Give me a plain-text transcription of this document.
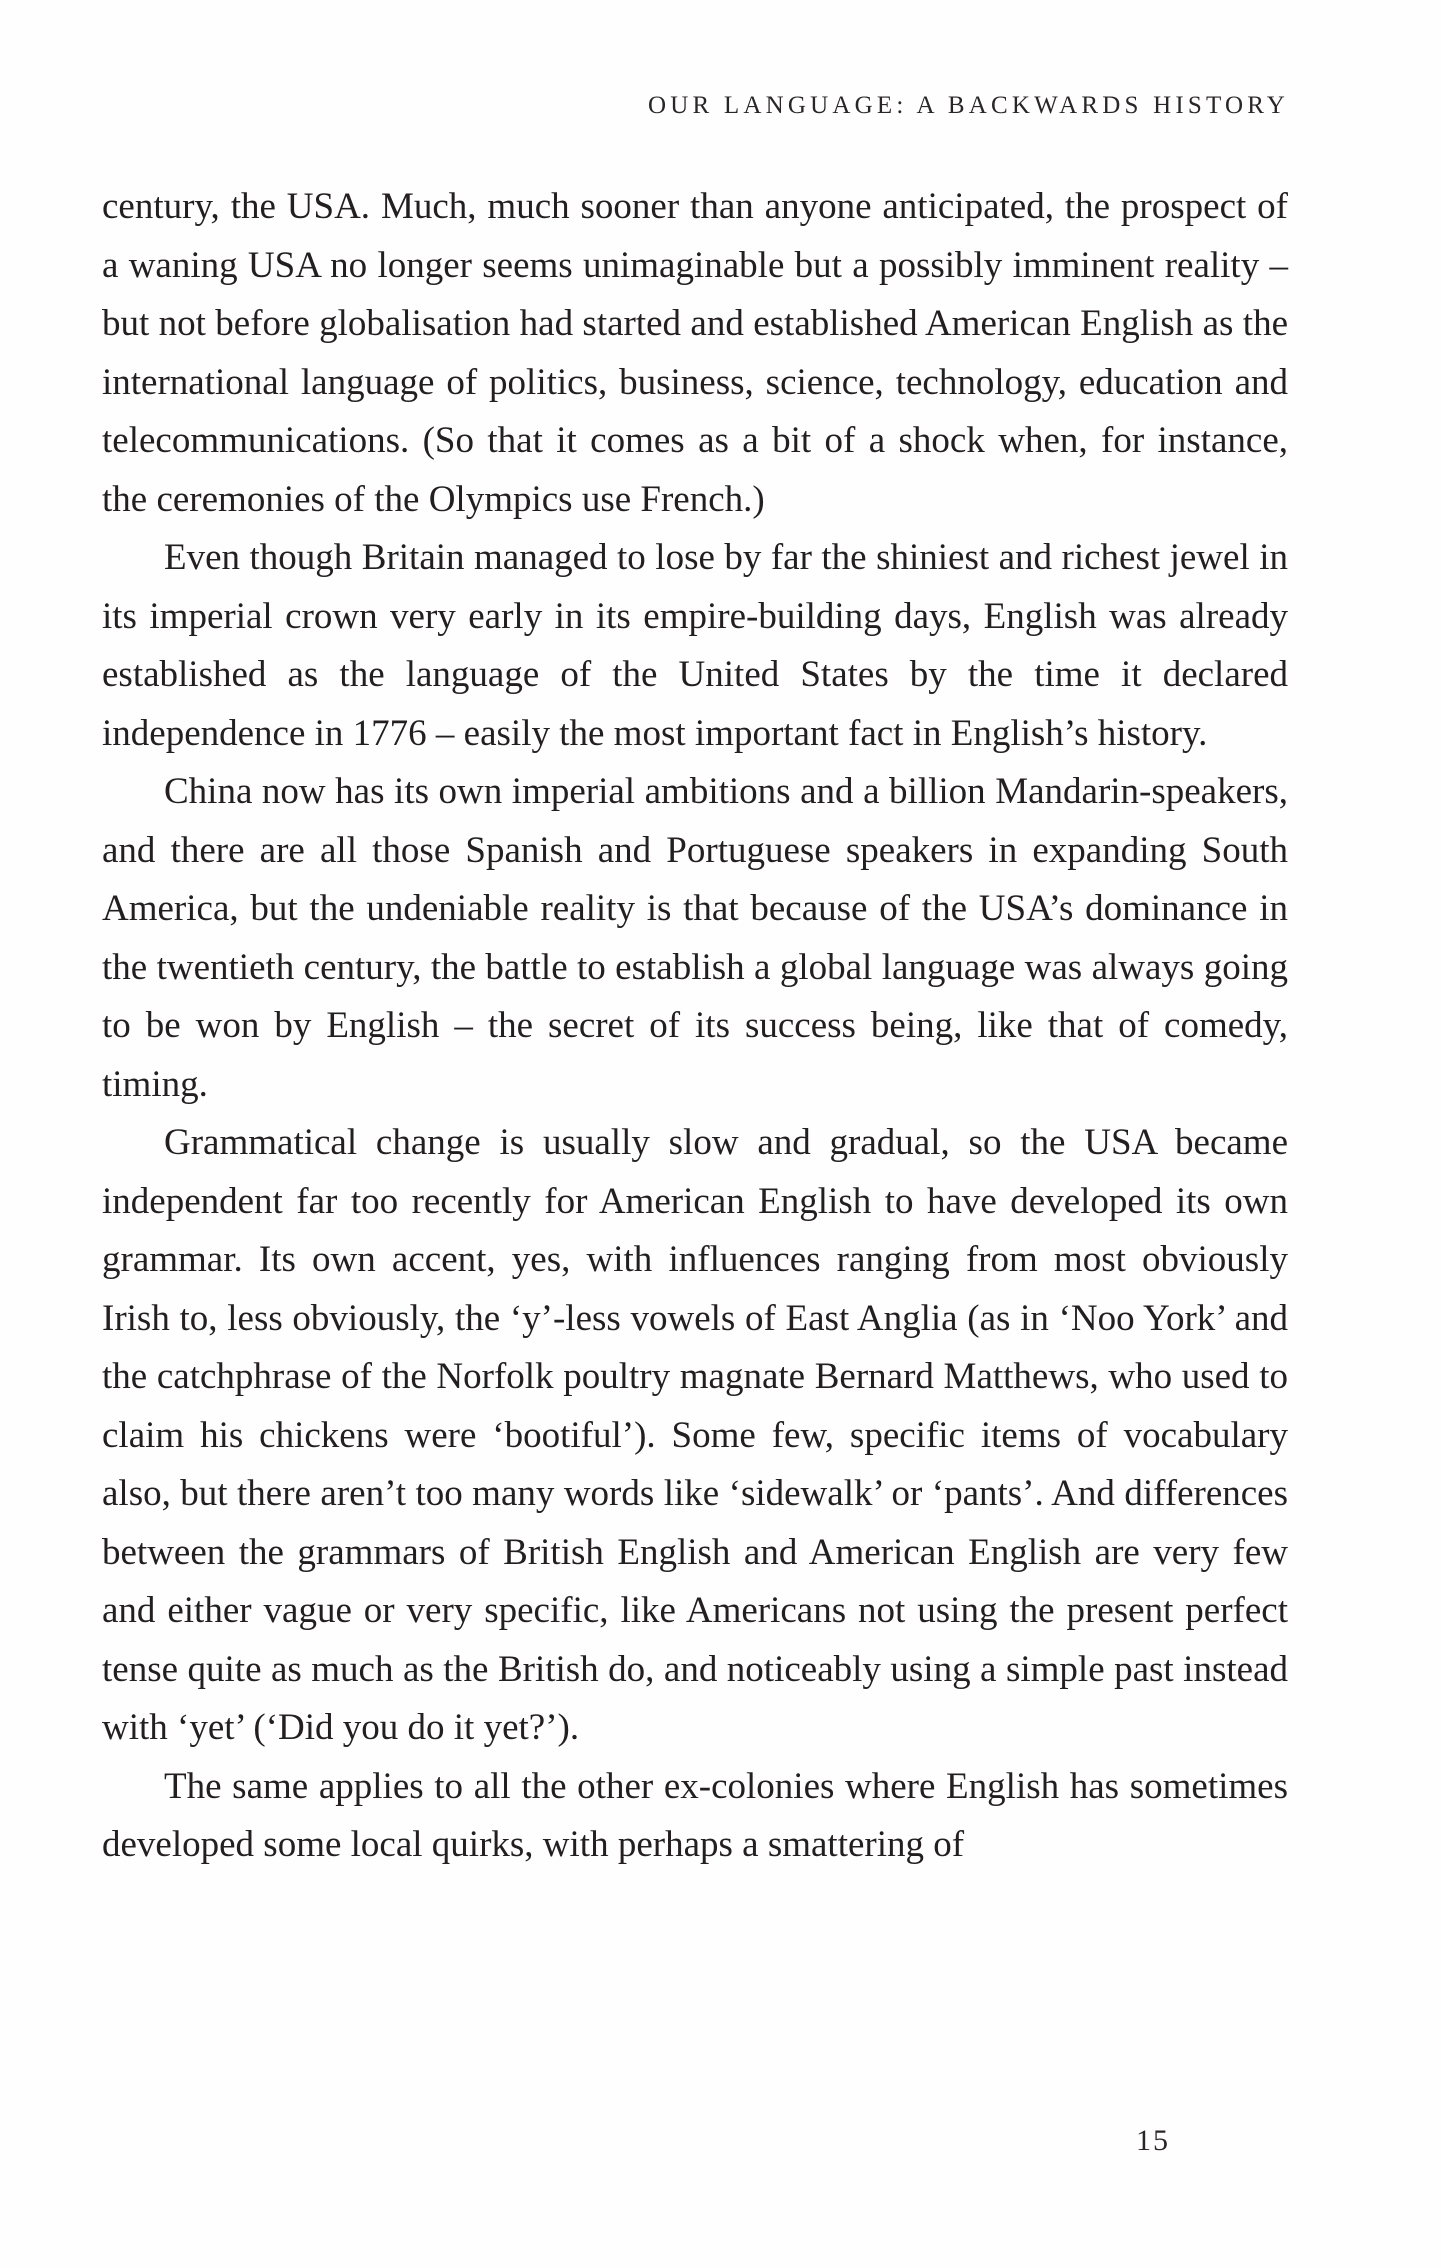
OUR LANGUAGE: A BACKWARDS HISTORY

century, the USA. Much, much sooner than anyone anticipated, the prospect of a waning USA no longer seems unimaginable but a possibly imminent reality – but not before globalisation had started and established American English as the international language of politics, business, science, technology, education and telecommunications. (So that it comes as a bit of a shock when, for instance, the ceremonies of the Olympics use French.)

Even though Britain managed to lose by far the shiniest and richest jewel in its imperial crown very early in its empire-building days, English was already established as the language of the United States by the time it declared independence in 1776 – easily the most important fact in English’s history.

China now has its own imperial ambitions and a billion Mandarin-speakers, and there are all those Spanish and Portuguese speakers in expanding South America, but the undeniable reality is that because of the USA’s dominance in the twentieth century, the battle to establish a global language was always going to be won by English – the secret of its success being, like that of comedy, timing.

Grammatical change is usually slow and gradual, so the USA became independent far too recently for American English to have developed its own grammar. Its own accent, yes, with influences ranging from most obviously Irish to, less obviously, the ‘y’-less vowels of East Anglia (as in ‘Noo York’ and the catchphrase of the Norfolk poultry magnate Bernard Matthews, who used to claim his chickens were ‘bootiful’). Some few, specific items of vocabulary also, but there aren’t too many words like ‘sidewalk’ or ‘pants’. And differences between the grammars of British English and American English are very few and either vague or very specific, like Americans not using the present perfect tense quite as much as the British do, and noticeably using a simple past instead with ‘yet’ (‘Did you do it yet?’).

The same applies to all the other ex-colonies where English has sometimes developed some local quirks, with perhaps a smattering of

15
